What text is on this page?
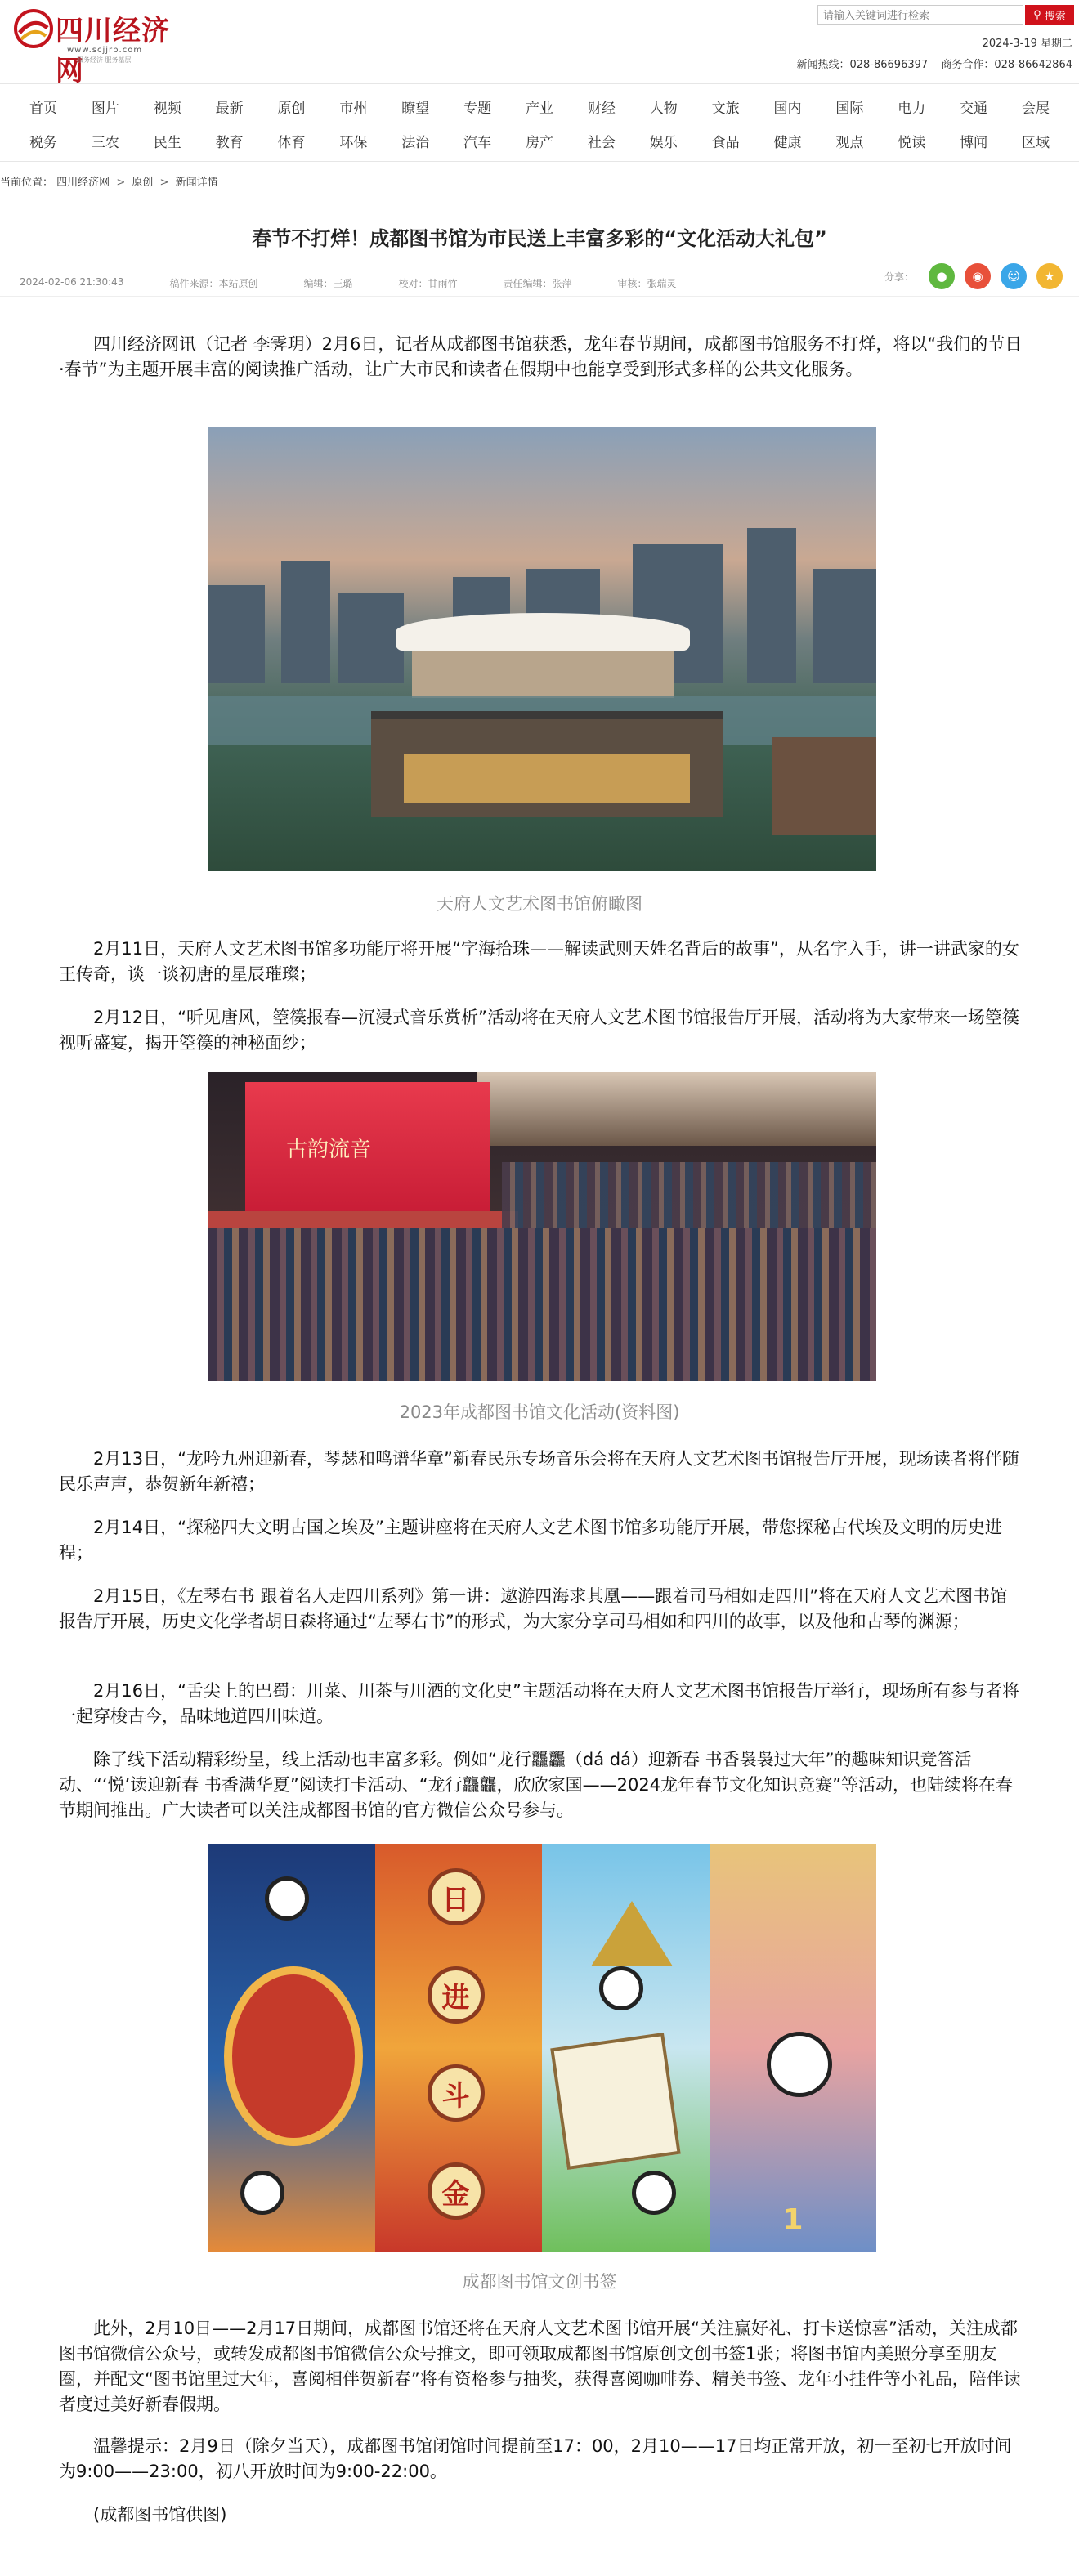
四川经济网
www.scjjrb.com
服务经济 服务基层
请输入关键词进行检索
⚲ 搜索
2024-3-19 星期二
新闻热线：028-86696397 商务合作：028-86642864
首页	图片	视频	最新	原创	市州	瞭望	专题	产业	财经	人物	文旅	国内	国际	电力	交通	会展
税务	三农	民生	教育	体育	环保	法治	汽车	房产	社会	娱乐	食品	健康	观点	悦读	博闻	区域
当前位置： 四川经济网 > 原创 > 新闻详情
春节不打烊！成都图书馆为市民送上丰富多彩的“文化活动大礼包”
2024-02-06 21:30:43	稿件来源：本站原创	编辑：王璐	校对：甘雨竹	责任编辑：张萍	审核：张瑞灵
分享：	●	◉	☺	★

四川经济网讯（记者 李霁玥）2月6日，记者从成都图书馆获悉，龙年春节期间，成都图书馆服务不打烊，将以“我们的节日·春节”为主题开展丰富的阅读推广活动，让广大市民和读者在假期中也能享受到形式多样的公共文化服务。

天府人文艺术图书馆俯瞰图

2月11日，天府人文艺术图书馆多功能厅将开展“字海拾珠——解读武则天姓名背后的故事”，从名字入手，讲一讲武家的女王传奇，谈一谈初唐的星辰璀璨；

2月12日，“听见唐风，箜篌报春—沉浸式音乐赏析”活动将在天府人文艺术图书馆报告厅开展，活动将为大家带来一场箜篌视听盛宴，揭开箜篌的神秘面纱；

古韵流音
2023年成都图书馆文化活动(资料图)

2月13日，“龙吟九州迎新春，琴瑟和鸣谱华章”新春民乐专场音乐会将在天府人文艺术图书馆报告厅开展，现场读者将伴随民乐声声，恭贺新年新禧；

2月14日，“探秘四大文明古国之埃及”主题讲座将在天府人文艺术图书馆多功能厅开展，带您探秘古代埃及文明的历史进程；

2月15日，《左琴右书 跟着名人走四川系列》第一讲：遨游四海求其凰——跟着司马相如走四川”将在天府人文艺术图书馆报告厅开展，历史文化学者胡日森将通过“左琴右书”的形式，为大家分享司马相如和四川的故事，以及他和古琴的渊源；

2月16日，“舌尖上的巴蜀：川菜、川茶与川酒的文化史”主题活动将在天府人文艺术图书馆报告厅举行，现场所有参与者将一起穿梭古今，品味地道四川味道。

除了线下活动精彩纷呈，线上活动也丰富多彩。例如“龙行龘龘（dá dá）迎新春 书香袅袅过大年”的趣味知识竞答活动、“‘悦’读迎新春 书香满华夏”阅读打卡活动、“龙行龘龘，欣欣家国——2024龙年春节文化知识竞赛”等活动，也陆续将在春节期间推出。广大读者可以关注成都图书馆的官方微信公众号参与。

日
进
斗
金
1
成都图书馆文创书签

此外，2月10日——2月17日期间，成都图书馆还将在天府人文艺术图书馆开展“关注赢好礼、打卡送惊喜”活动，关注成都图书馆微信公众号，或转发成都图书馆微信公众号推文，即可领取成都图书馆原创文创书签1张；将图书馆内美照分享至朋友圈，并配文“图书馆里过大年，喜阅相伴贺新春”将有资格参与抽奖，获得喜阅咖啡券、精美书签、龙年小挂件等小礼品，陪伴读者度过美好新春假期。

温馨提示：2月9日（除夕当天），成都图书馆闭馆时间提前至17：00，2月10——17日均正常开放，初一至初七开放时间为9:00——23:00，初八开放时间为9:00-22:00。

(成都图书馆供图)
